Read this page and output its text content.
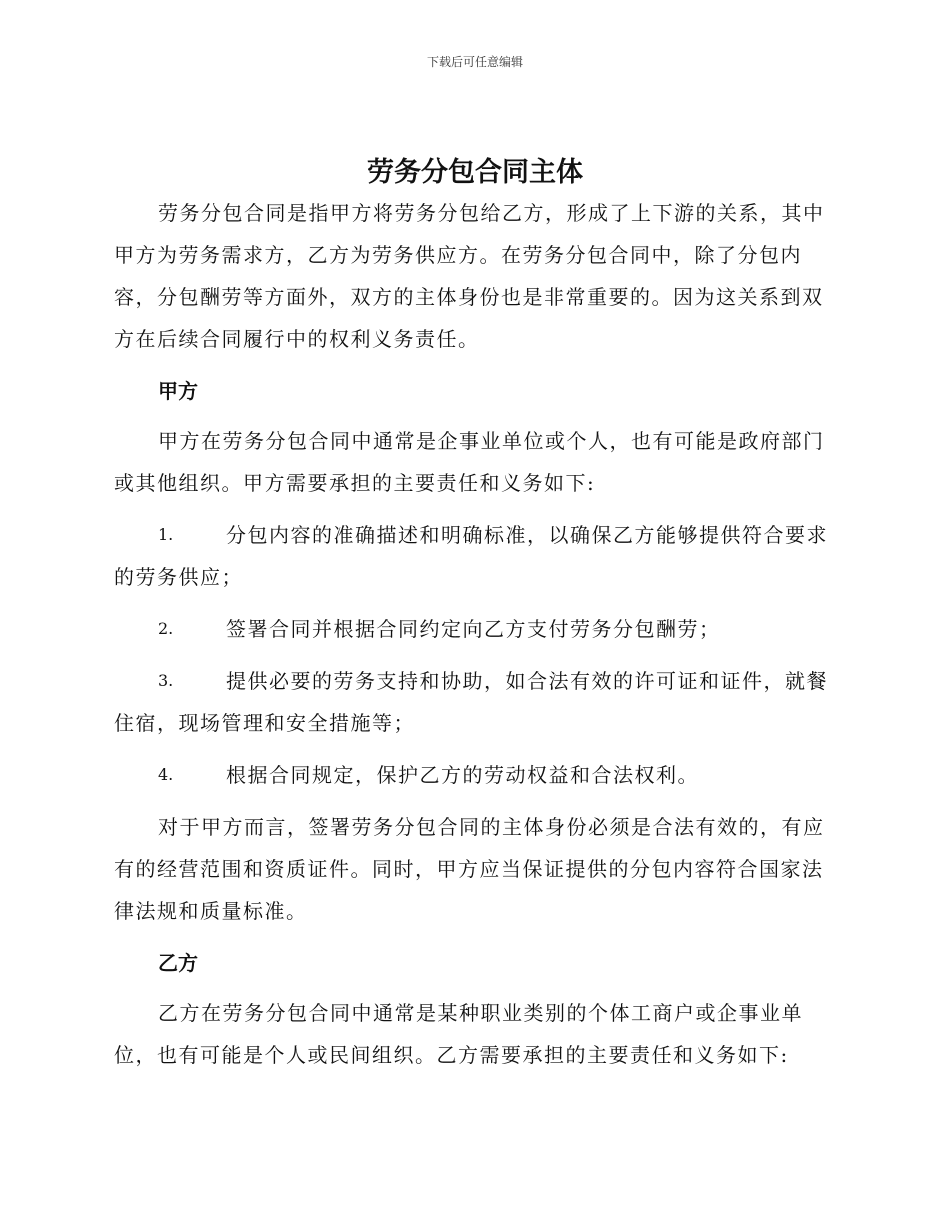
下载后可任意编辑
劳务分包合同主体

劳务分包合同是指甲方将劳务分包给乙方，形成了上下游的关系，其中甲方为劳务需求方，乙方为劳务供应方。在劳务分包合同中，除了分包内容，分包酬劳等方面外，双方的主体身份也是非常重要的。因为这关系到双方在后续合同履行中的权利义务责任。

甲方

甲方在劳务分包合同中通常是企事业单位或个人，也有可能是政府部门或其他组织。甲方需要承担的主要责任和义务如下:

1.	分包内容的准确描述和明确标准，以确保乙方能够提供符合要求的劳务供应；

2.	签署合同并根据合同约定向乙方支付劳务分包酬劳；

3.	提供必要的劳务支持和协助，如合法有效的许可证和证件，就餐住宿，现场管理和安全措施等；

4.	根据合同规定，保护乙方的劳动权益和合法权利。

对于甲方而言，签署劳务分包合同的主体身份必须是合法有效的，有应有的经营范围和资质证件。同时，甲方应当保证提供的分包内容符合国家法律法规和质量标准。

乙方

乙方在劳务分包合同中通常是某种职业类别的个体工商户或企事业单位，也有可能是个人或民间组织。乙方需要承担的主要责任和义务如下:
